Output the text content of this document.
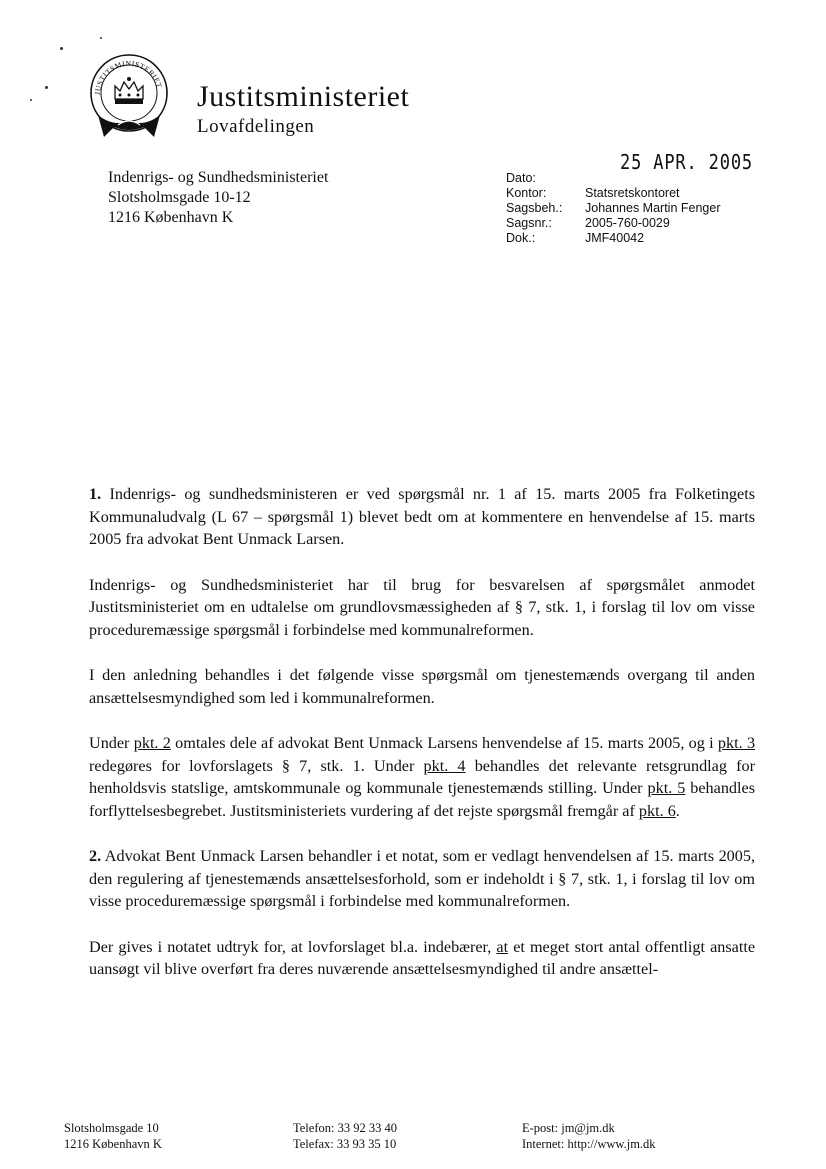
JUSTITSMINISTERIET Justitsministeriet
Lovafdelingen
25 APR. 2005
Indenrigs- og Sundhedsministeriet
Slotsholmsgade 10-12
1216 København K
Dato:
Kontor:	Statsretskontoret
Sagsbeh.:	Johannes Martin Fenger
Sagsnr.:	2005-760-0029
Dok.:	JMF40042

1. Indenrigs- og sundhedsministeren er ved spørgsmål nr. 1 af 15. marts 2005 fra Folketingets Kommunaludvalg (L 67 – spørgsmål 1) blevet bedt om at kommentere en henvendelse af 15. marts 2005 fra advokat Bent Unmack Larsen.

Indenrigs- og Sundhedsministeriet har til brug for besvarelsen af spørgsmålet anmodet Justitsministeriet om en udtalelse om grundlovsmæssigheden af § 7, stk. 1, i forslag til lov om visse proceduremæssige spørgsmål i forbindelse med kommunalreformen.

I den anledning behandles i det følgende visse spørgsmål om tjenestemænds overgang til anden ansættelsesmyndighed som led i kommunalreformen.

Under pkt. 2 omtales dele af advokat Bent Unmack Larsens henvendelse af 15. marts 2005, og i pkt. 3 redegøres for lovforslagets § 7, stk. 1. Under pkt. 4 behandles det relevante retsgrundlag for henholdsvis statslige, amtskommunale og kommunale tjenestemænds stilling. Under pkt. 5 behandles forflyttelsesbegrebet. Justitsministeriets vurdering af det rejste spørgsmål fremgår af pkt. 6.

2. Advokat Bent Unmack Larsen behandler i et notat, som er vedlagt henvendelsen af 15. marts 2005, den regulering af tjenestemænds ansættelsesforhold, som er indeholdt i § 7, stk. 1, i forslag til lov om visse proceduremæssige spørgsmål i forbindelse med kommunalreformen.

Der gives i notatet udtryk for, at lovforslaget bl.a. indebærer, at et meget stort antal offentligt ansatte uansøgt vil blive overført fra deres nuværende ansættelsesmyndighed til andre ansættel-

Slotsholmsgade 10
1216 København K
Telefon: 33 92 33 40
Telefax: 33 93 35 10
E-post: jm@jm.dk
Internet: http://www.jm.dk
